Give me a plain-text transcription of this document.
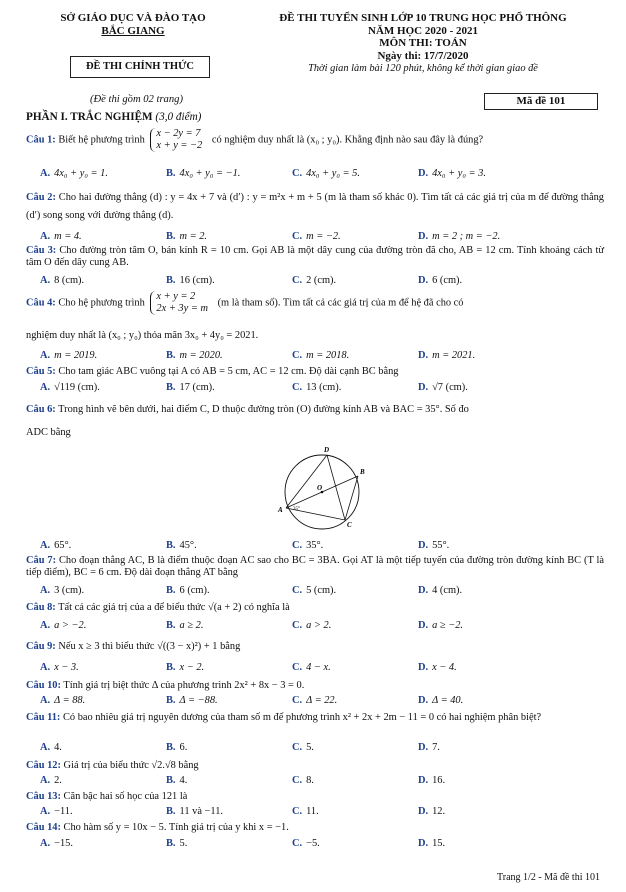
SỞ GIÁO DỤC VÀ ĐÀO TẠO
BẮC GIANG
ĐỀ THI TUYỂN SINH LỚP 10 TRUNG HỌC PHỔ THÔNG
NĂM HỌC 2020 - 2021
MÔN THI: TOÁN
Ngày thi: 17/7/2020
Thời gian làm bài 120 phút, không kể thời gian giao đề
ĐỀ THI CHÍNH THỨC
(Đề thi gồm 02 trang)	Mã đề 101
PHẦN I. TRẮC NGHIỆM (3,0 điểm)
Câu 1: Biết hệ phương trình
x − 2y = 7
x + y = −2
có nghiệm duy nhất là (x₀ ; y₀). Khẳng định nào sau đây là đúng?
A. 4x₀ + y₀ = 1.	B. 4x₀ + y₀ = −1.	C. 4x₀ + y₀ = 5.	D. 4x₀ + y₀ = 3.
Câu 2: Cho hai đường thẳng (d) : y = 4x + 7 và (d′) : y = m²x + m + 5 (m là tham số khác 0). Tìm tất cả các giá trị của m để đường thẳng (d′) song song với đường thẳng (d).
A. m = 4.	B. m = 2.	C. m = −2.	D. m = 2 ; m = −2.
Câu 3: Cho đường tròn tâm O, bán kính R = 10 cm. Gọi AB là một dây cung của đường tròn đã cho, AB = 12 cm. Tính khoảng cách từ tâm O đến dây cung AB.
A. 8 (cm).	B. 16 (cm).	C. 2 (cm).	D. 6 (cm).
Câu 4: Cho hệ phương trình
x + y = 2
2x + 3y = m
(m là tham số). Tìm tất cả các giá trị của m để hệ đã cho có
nghiệm duy nhất là (x₀ ; y₀) thỏa mãn 3x₀ + 4y₀ = 2021.
A. m = 2019.	B. m = 2020.	C. m = 2018.	D. m = 2021.
Câu 5: Cho tam giác ABC vuông tại A có AB = 5 cm, AC = 12 cm. Độ dài cạnh BC bằng
A. √119 (cm).	B. 17 (cm).	C. 13 (cm).	D. √7 (cm).
Câu 6: Trong hình vẽ bên dưới, hai điểm C, D thuộc đường tròn (O) đường kính AB và BAC = 35°. Số đo
ADC bằng
D
B
O
A
C
35°
A. 65°.	B. 45°.	C. 35°.	D. 55°.
Câu 7: Cho đoạn thẳng AC, B là điểm thuộc đoạn AC sao cho BC = 3BA. Gọi AT là một tiếp tuyến của đường tròn đường kính BC (T là tiếp điểm), BC = 6 cm. Độ dài đoạn thẳng AT bằng
A. 3 (cm).	B. 6 (cm).	C. 5 (cm).	D. 4 (cm).
Câu 8: Tất cả các giá trị của a để biểu thức √(a + 2) có nghĩa là
A. a > −2.	B. a ≥ 2.	C. a > 2.	D. a ≥ −2.
Câu 9: Nếu x ≥ 3 thì biểu thức √((3 − x)²) + 1 bằng
A. x − 3.	B. x − 2.	C. 4 − x.	D. x − 4.
Câu 10: Tính giá trị biệt thức Δ của phương trình 2x² + 8x − 3 = 0.
A. Δ = 88.	B. Δ = −88.	C. Δ = 22.	D. Δ = 40.
Câu 11: Có bao nhiêu giá trị nguyên dương của tham số m để phương trình x² + 2x + 2m − 11 = 0 có hai nghiệm phân biệt?
A. 4.	B. 6.	C. 5.	D. 7.
Câu 12: Giá trị của biểu thức √2.√8 bằng
A. 2.	B. 4.	C. 8.	D. 16.
Câu 13: Căn bậc hai số học của 121 là
A. −11.	B. 11 và −11.	C. 11.	D. 12.
Câu 14: Cho hàm số y = 10x − 5. Tính giá trị của y khi x = −1.
A. −15.	B. 5.	C. −5.	D. 15.
Trang 1/2 - Mã đề thi 101
